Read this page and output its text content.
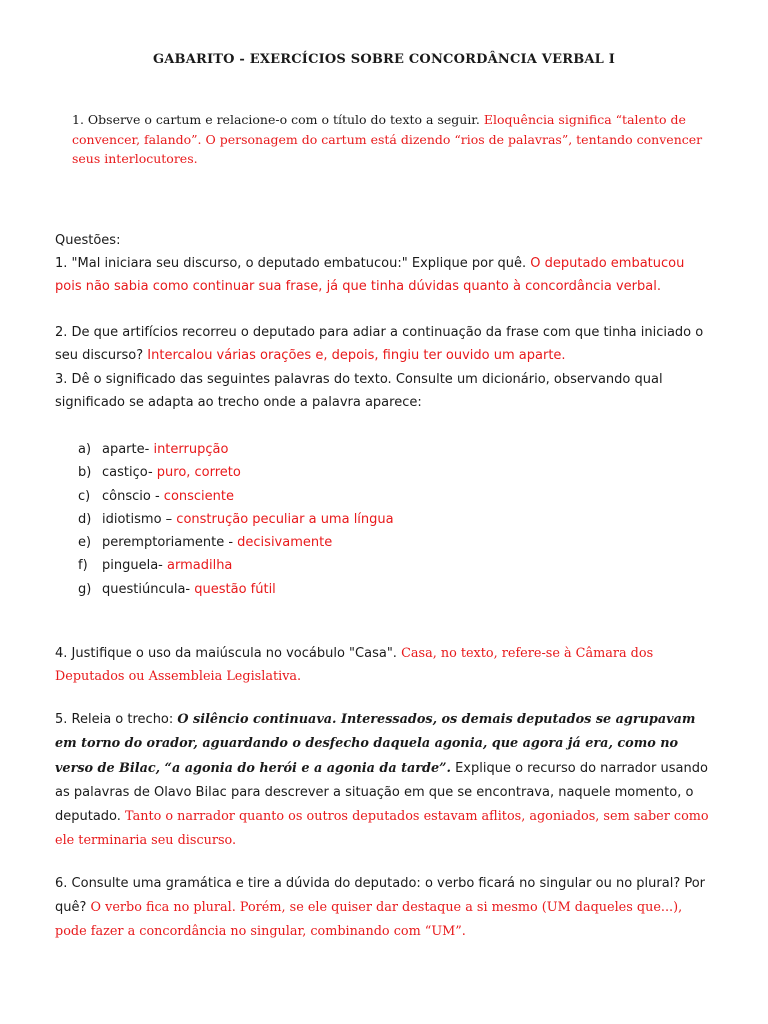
GABARITO - EXERCÍCIOS SOBRE CONCORDÂNCIA VERBAL I

1. Observe o cartum e relacione-o com o título do texto a seguir. Eloquência significa “talento de convencer, falando”. O personagem do cartum está dizendo “rios de palavras”, tentando convencer seus interlocutores.

Questões:

1. "Mal iniciara seu discurso, o deputado embatucou:" Explique por quê. O deputado embatucou pois não sabia como continuar sua frase, já que tinha dúvidas quanto à concordância verbal.

2. De que artifícios recorreu o deputado para adiar a continuação da frase com que tinha iniciado o seu discurso? Intercalou várias orações e, depois, fingiu ter ouvido um aparte.

3. Dê o significado das seguintes palavras do texto. Consulte um dicionário, observando qual significado se adapta ao trecho onde a palavra aparece:

a) aparte- interrupção
b) castiço- puro, correto
c) cônscio - consciente
d) idiotismo – construção peculiar a uma língua
e) peremptoriamente - decisivamente
f) pinguela- armadilha
g) questiúncula- questão fútil

4. Justifique o uso da maiúscula no vocábulo "Casa". Casa, no texto, refere-se à Câmara dos Deputados ou Assembleia Legislativa.

5. Releia o trecho: O silêncio continuava. Interessados, os demais deputados se agrupavam em torno do orador, aguardando o desfecho daquela agonia, que agora já era, como no verso de Bilac, “a agonia do herói e a agonia da tarde”. Explique o recurso do narrador usando as palavras de Olavo Bilac para descrever a situação em que se encontrava, naquele momento, o deputado. Tanto o narrador quanto os outros deputados estavam aflitos, agoniados, sem saber como ele terminaria seu discurso.

6. Consulte uma gramática e tire a dúvida do deputado: o verbo ficará no singular ou no plural? Por quê? O verbo fica no plural. Porém, se ele quiser dar destaque a si mesmo (UM daqueles que...), pode fazer a concordância no singular, combinando com “UM”.
